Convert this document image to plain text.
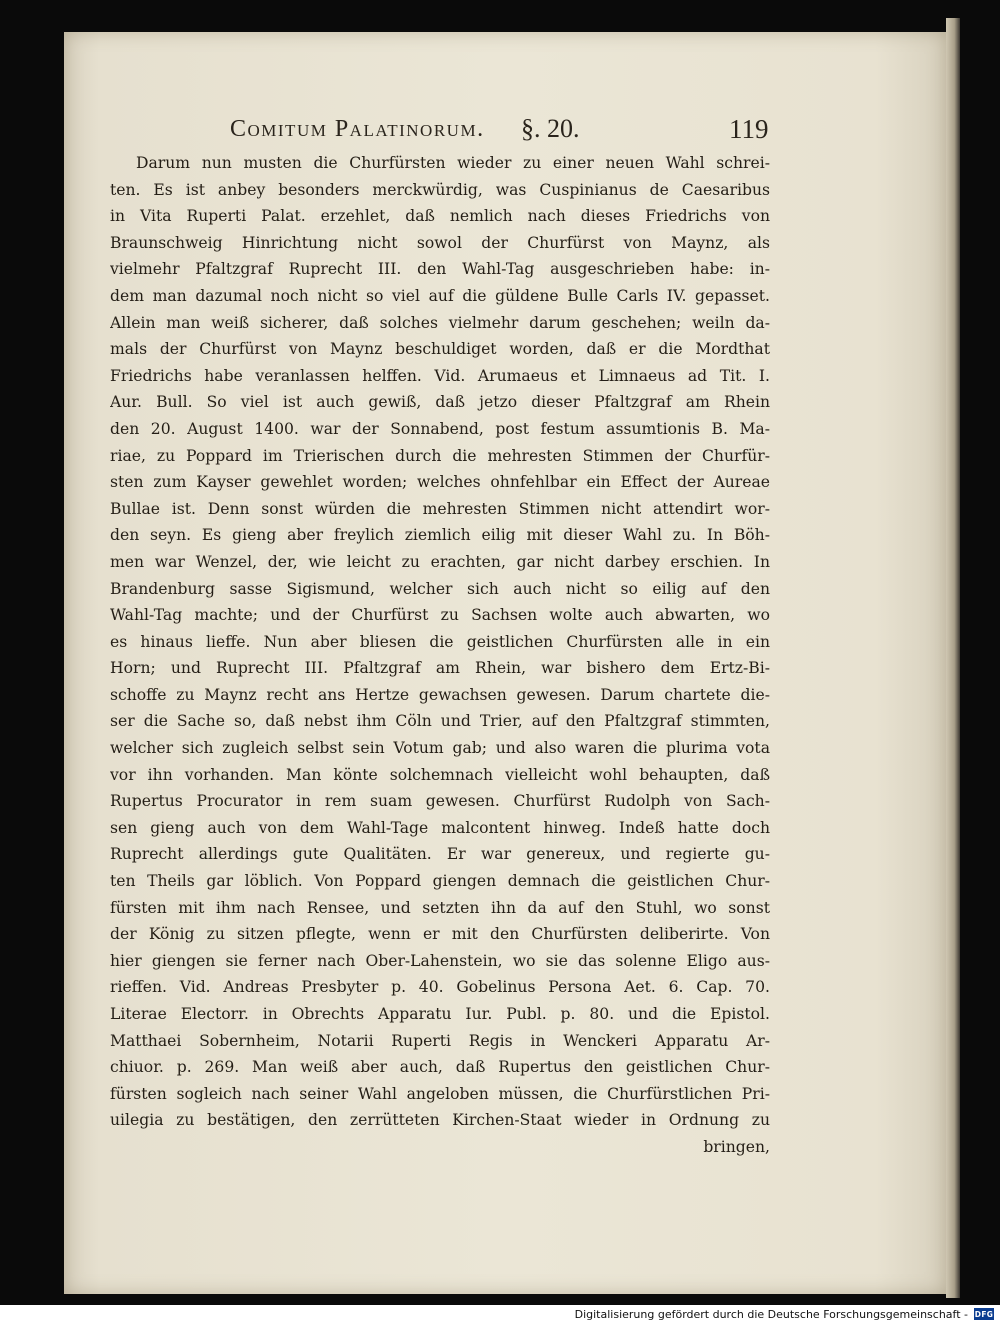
Comitum Palatinorum. §. 20.	119
Darum nun musten die Churfürsten wieder zu einer neuen Wahl schrei-
ten. Es ist anbey besonders merckwürdig, was Cuspinianus de Caesaribus
in Vita Ruperti Palat. erzehlet, daß nemlich nach dieses Friedrichs von
Braunschweig Hinrichtung nicht sowol der Churfürst von Maynz, als
vielmehr Pfaltzgraf Ruprecht III. den Wahl-Tag ausgeschrieben habe: in-
dem man dazumal noch nicht so viel auf die güldene Bulle Carls IV. gepasset.
Allein man weiß sicherer, daß solches vielmehr darum geschehen; weiln da-
mals der Churfürst von Maynz beschuldiget worden, daß er die Mordthat
Friedrichs habe veranlassen helffen. Vid. Arumaeus et Limnaeus ad Tit. I.
Aur. Bull. So viel ist auch gewiß, daß jetzo dieser Pfaltzgraf am Rhein
den 20. August 1400. war der Sonnabend, post festum assumtionis B. Ma-
riae, zu Poppard im Trierischen durch die mehresten Stimmen der Churfür-
sten zum Kayser gewehlet worden; welches ohnfehlbar ein Effect der Aureae
Bullae ist. Denn sonst würden die mehresten Stimmen nicht attendirt wor-
den seyn. Es gieng aber freylich ziemlich eilig mit dieser Wahl zu. In Böh-
men war Wenzel, der, wie leicht zu erachten, gar nicht darbey erschien. In
Brandenburg sasse Sigismund, welcher sich auch nicht so eilig auf den
Wahl-Tag machte; und der Churfürst zu Sachsen wolte auch abwarten, wo
es hinaus lieffe. Nun aber bliesen die geistlichen Churfürsten alle in ein
Horn; und Ruprecht III. Pfaltzgraf am Rhein, war bishero dem Ertz-Bi-
schoffe zu Maynz recht ans Hertze gewachsen gewesen. Darum chartete die-
ser die Sache so, daß nebst ihm Cöln und Trier, auf den Pfaltzgraf stimmten,
welcher sich zugleich selbst sein Votum gab; und also waren die plurima vota
vor ihn vorhanden. Man könte solchemnach vielleicht wohl behaupten, daß
Rupertus Procurator in rem suam gewesen. Churfürst Rudolph von Sach-
sen gieng auch von dem Wahl-Tage malcontent hinweg. Indeß hatte doch
Ruprecht allerdings gute Qualitäten. Er war genereux, und regierte gu-
ten Theils gar löblich. Von Poppard giengen demnach die geistlichen Chur-
fürsten mit ihm nach Rensee, und setzten ihn da auf den Stuhl, wo sonst
der König zu sitzen pflegte, wenn er mit den Churfürsten deliberirte. Von
hier giengen sie ferner nach Ober-Lahenstein, wo sie das solenne Eligo aus-
rieffen. Vid. Andreas Presbyter p. 40. Gobelinus Persona Aet. 6. Cap. 70.
Literae Electorr. in Obrechts Apparatu Iur. Publ. p. 80. und die Epistol.
Matthaei Sobernheim, Notarii Ruperti Regis in Wenckeri Apparatu Ar-
chiuor. p. 269. Man weiß aber auch, daß Rupertus den geistlichen Chur-
fürsten sogleich nach seiner Wahl angeloben müssen, die Churfürstlichen Pri-
uilegia zu bestätigen, den zerrütteten Kirchen-Staat wieder in Ordnung zu
bringen,
Digitalisierung gefördert durch die Deutsche Forschungsgemeinschaft - DFG
